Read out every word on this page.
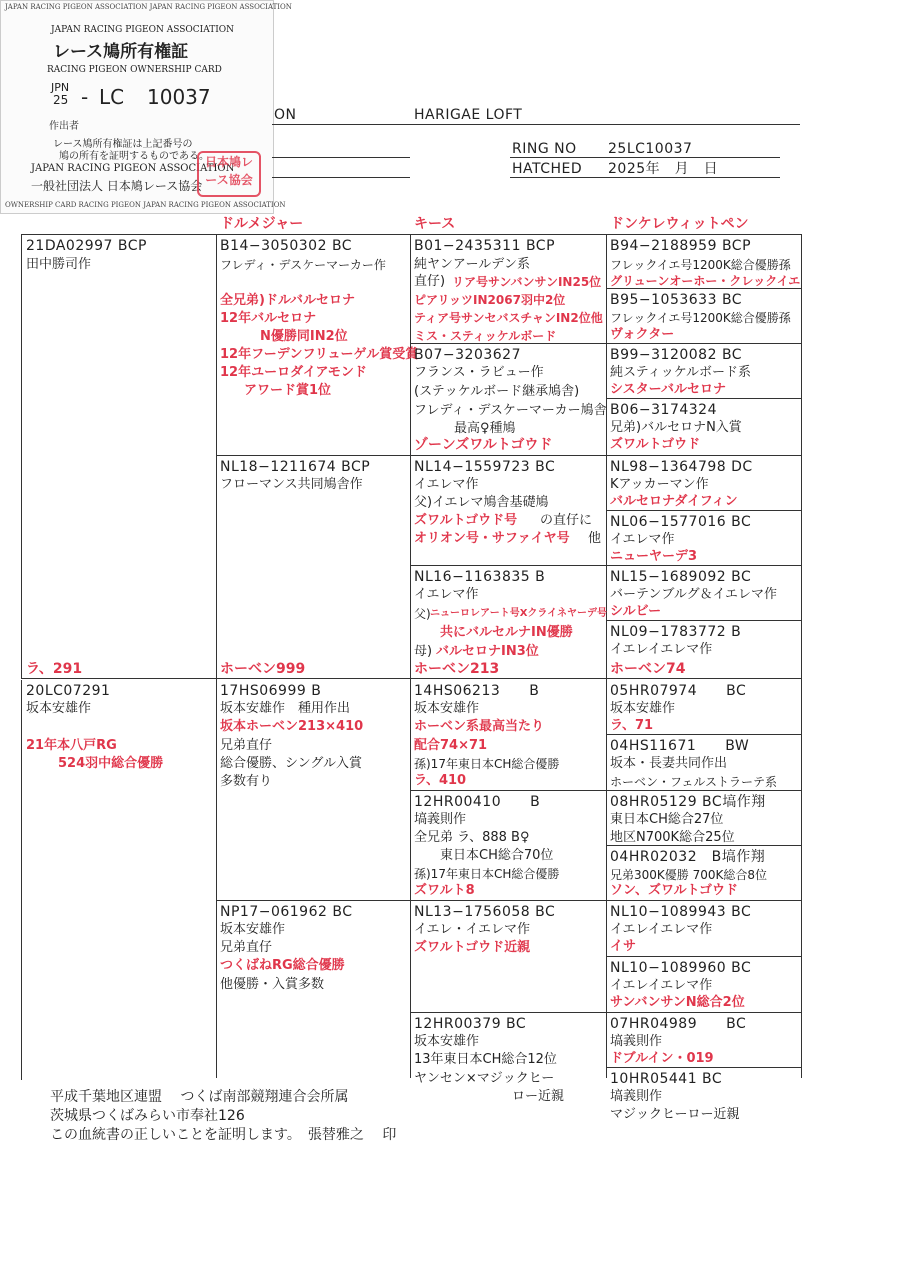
JAPAN RACING PIGEON ASSOCIATION JAPAN RACING PIGEON ASSOCIATION
JAPAN RACING PIGEON ASSOCIATION
レース鳩所有権証
RACING PIGEON OWNERSHIP CARD
JPN
25 - LC 10037
作出者
レース鳩所有権証は上記番号の
鳩の所有を証明するものである。
JAPAN RACING PIGEON ASSOCIATION
一般社団法人 日本鳩レース協会
日本鳩レース協会
OWNERSHIP CARD RACING PIGEON JAPAN RACING PIGEON ASSOCIATION
ON	HARIGAE LOFT
RING NO 25LC10037
HATCHED 2025年　月　日
21DA02997 BCP
田中勝司作
ラ、291
20LC07291
坂本安雄作
21年本八戸RG
524羽中総合優勝
ドルメジャー
B14−3050302 BC
フレディ・デスケーマーカー作
全兄弟)ドルバルセロナ
12年バルセロナ
N優勝同IN2位
12年フーデンフリューゲル賞受賞
12年ユーロダイアモンド
アワード賞1位
NL18−1211674 BCP
フローマンス共同鳩舎作
ホーベン999
17HS06999 B
坂本安雄作　種用作出
坂本ホーベン213×410
兄弟直仔
総合優勝、シングル入賞
多数有り
NP17−061962 BC
坂本安雄作
兄弟直仔
つくばねRG総合優勝
他優勝・入賞多数
キース
B01−2435311 BCP
純ヤンアールデン系
直仔) リア号サンバンサンIN25位
ピアリッツIN2067羽中2位
ティア号サンセバスチャンIN2位他
ミス・スティッケルボード
B07−3203627
フランス・ラビュー作
(ステッケルボード継承鳩舎)
フレディ・デスケーマーカー鳩舎
最高♀種鳩
ゾーンズワルトゴウド
NL14−1559723 BC
イエレマ作
父)イエレマ鳩舎基礎鳩
ズワルトゴウド号 の直仔に
オリオン号・サファイヤ号 他
NL16−1163835 B
イエレマ作
父) ニューロレアート号Xクライネヤーデ号
共にバルセルナIN優勝
母) バルセロナIN3位
ホーベン213
14HS06213　　B
坂本安雄作
ホーベン系最高当たり
配合74×71
孫)17年東日本CH総合優勝
ラ、410
12HR00410　　B
塙義則作
全兄弟 ラ、888 B♀
東日本CH総合70位
孫)17年東日本CH総合優勝
ズワルト8
NL13−1756058 BC
イエレ・イエレマ作
ズワルトゴウド近親
12HR00379 BC
坂本安雄作
13年東日本CH総合12位
ヤンセン×マジックヒー
ロー近親
ドンケレウィットペン
B94−2188959 BCP
フレックイエ号1200K総合優勝孫
グリューンオーホー・クレックイエ
B95−1053633 BC
フレックイエ号1200K総合優勝孫
ヴォクター
B99−3120082 BC
純スティッケルボード系
シスターバルセロナ
B06−3174324
兄弟)バルセロナN入賞
ズワルトゴウド
NL98−1364798 DC
Kアッカーマン作
バルセロナダイフィン
NL06−1577016 BC
イエレマ作
ニューヤーデ3
NL15−1689092 BC
バーテンブルグ＆イエレマ作
シルビー
NL09−1783772 B
イエレイエレマ作
ホーベン74
05HR07974　　BC
坂本安雄作
ラ、71
04HS11671　　BW
坂本・長妻共同作出
ホーベン・フェルストラーテ系
08HR05129 BC塙作翔
東日本CH総合27位
地区N700K総合25位
04HR02032　B塙作翔
兄弟300K優勝 700K総合8位
ソン、ズワルトゴウド
NL10−1089943 BC
イエレイエレマ作
イサ
NL10−1089960 BC
イエレイエレマ作
サンバンサンN総合2位
07HR04989　　BC
塙義則作
ドブルイン・019
10HR05441 BC
塙義則作
マジックヒーロー近親
平成千葉地区連盟　 つくば南部競翔連合会所属
茨城県つくばみらい市奉社126
この血統書の正しいことを証明します。　張替雅之　 印
